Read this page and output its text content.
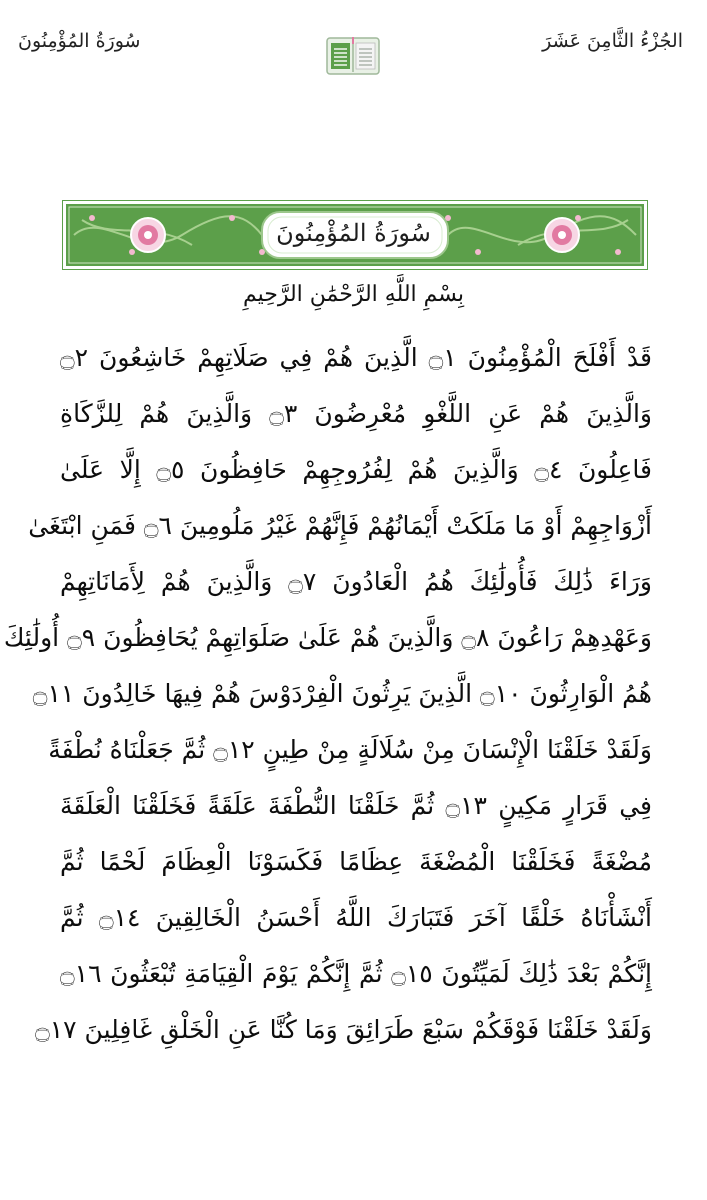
الجُزْءُ الثَّامِنَ عَشَرَ
سُورَةُ المُؤْمِنُونَ
سُورَةُ المُؤْمِنُونَ
بِسْمِ اللَّهِ الرَّحْمَٰنِ الرَّحِيمِ
قَدْ أَفْلَحَ الْمُؤْمِنُونَ ۝١ الَّذِينَ هُمْ فِي صَلَاتِهِمْ خَاشِعُونَ ۝٢
وَالَّذِينَ هُمْ عَنِ اللَّغْوِ مُعْرِضُونَ ۝٣ وَالَّذِينَ هُمْ لِلزَّكَاةِ
فَاعِلُونَ ۝٤ وَالَّذِينَ هُمْ لِفُرُوجِهِمْ حَافِظُونَ ۝٥ إِلَّا عَلَىٰ
أَزْوَاجِهِمْ أَوْ مَا مَلَكَتْ أَيْمَانُهُمْ فَإِنَّهُمْ غَيْرُ مَلُومِينَ ۝٦ فَمَنِ ابْتَغَىٰ
وَرَاءَ ذَٰلِكَ فَأُولَٰئِكَ هُمُ الْعَادُونَ ۝٧ وَالَّذِينَ هُمْ لِأَمَانَاتِهِمْ
وَعَهْدِهِمْ رَاعُونَ ۝٨ وَالَّذِينَ هُمْ عَلَىٰ صَلَوَاتِهِمْ يُحَافِظُونَ ۝٩ أُولَٰئِكَ
هُمُ الْوَارِثُونَ ۝١٠ الَّذِينَ يَرِثُونَ الْفِرْدَوْسَ هُمْ فِيهَا خَالِدُونَ ۝١١
وَلَقَدْ خَلَقْنَا الْإِنْسَانَ مِنْ سُلَالَةٍ مِنْ طِينٍ ۝١٢ ثُمَّ جَعَلْنَاهُ نُطْفَةً
فِي قَرَارٍ مَكِينٍ ۝١٣ ثُمَّ خَلَقْنَا النُّطْفَةَ عَلَقَةً فَخَلَقْنَا الْعَلَقَةَ
مُضْغَةً فَخَلَقْنَا الْمُضْغَةَ عِظَامًا فَكَسَوْنَا الْعِظَامَ لَحْمًا ثُمَّ
أَنْشَأْنَاهُ خَلْقًا آخَرَ فَتَبَارَكَ اللَّهُ أَحْسَنُ الْخَالِقِينَ ۝١٤ ثُمَّ
إِنَّكُمْ بَعْدَ ذَٰلِكَ لَمَيِّتُونَ ۝١٥ ثُمَّ إِنَّكُمْ يَوْمَ الْقِيَامَةِ تُبْعَثُونَ ۝١٦
وَلَقَدْ خَلَقْنَا فَوْقَكُمْ سَبْعَ طَرَائِقَ وَمَا كُنَّا عَنِ الْخَلْقِ غَافِلِينَ ۝١٧
